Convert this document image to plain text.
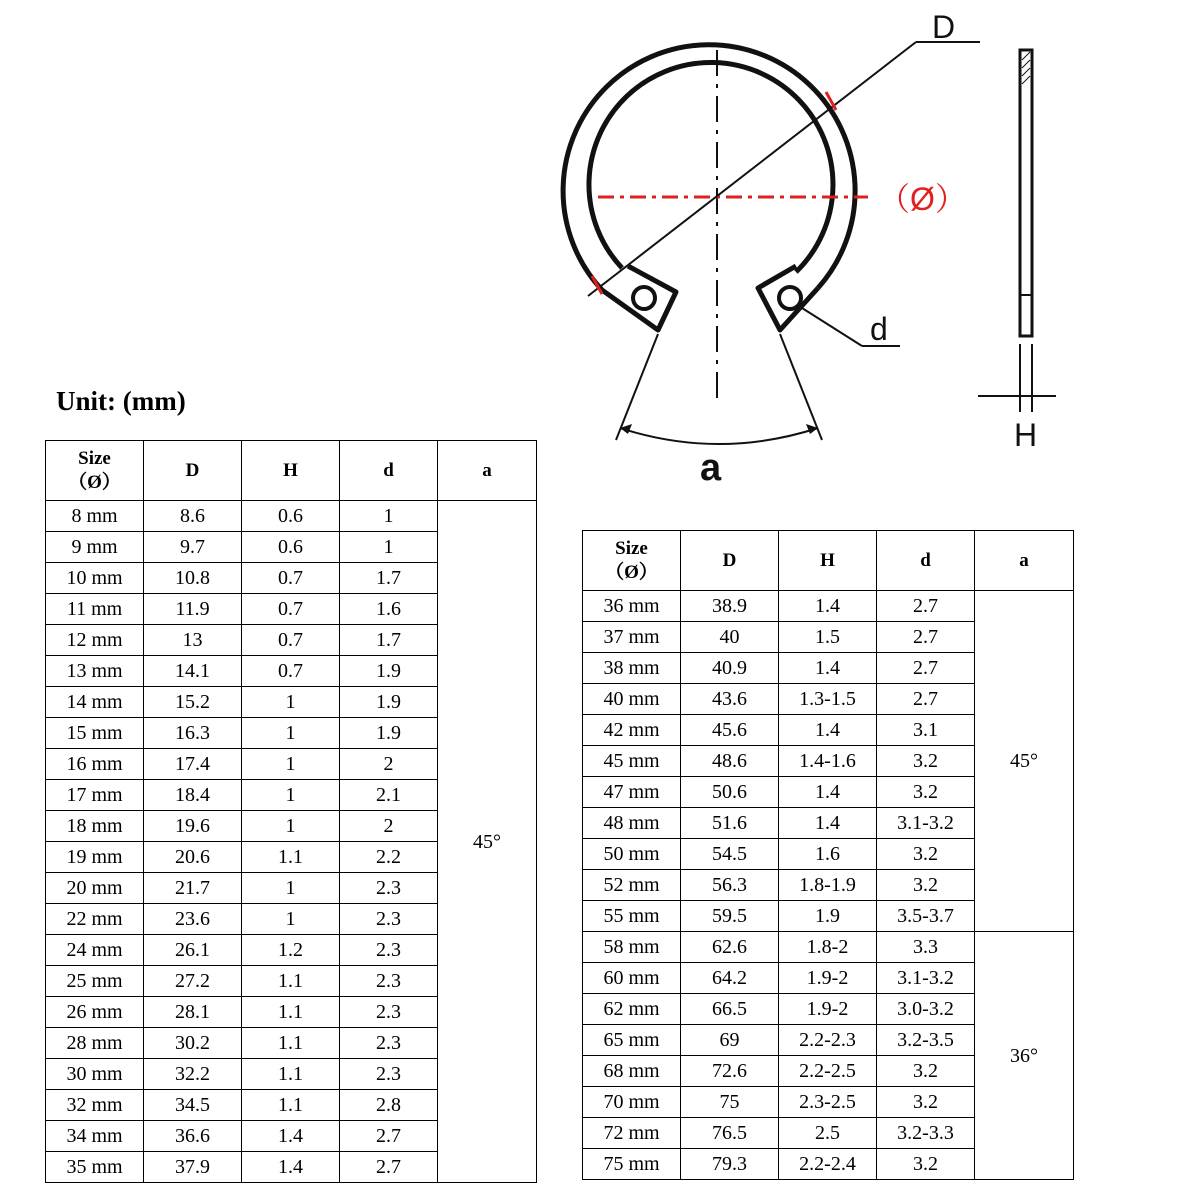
D
（Ø）
d
a
H
Unit: (mm)
Size
（Ø）	D	H	d	a
8 mm	8.6	0.6	1	45°
9 mm	9.7	0.6	1	
10 mm	10.8	0.7	1.7	
11 mm	11.9	0.7	1.6	
12 mm	13	0.7	1.7	
13 mm	14.1	0.7	1.9	
14 mm	15.2	1	1.9	
15 mm	16.3	1	1.9	
16 mm	17.4	1	2	
17 mm	18.4	1	2.1	
18 mm	19.6	1	2	
19 mm	20.6	1.1	2.2	
20 mm	21.7	1	2.3	
22 mm	23.6	1	2.3	
24 mm	26.1	1.2	2.3	
25 mm	27.2	1.1	2.3	
26 mm	28.1	1.1	2.3	
28 mm	30.2	1.1	2.3	
30 mm	32.2	1.1	2.3	
32 mm	34.5	1.1	2.8	
34 mm	36.6	1.4	2.7	
35 mm	37.9	1.4	2.7	
Size
（Ø）	D	H	d	a
36 mm	38.9	1.4	2.7	45°
37 mm	40	1.5	2.7	
38 mm	40.9	1.4	2.7	
40 mm	43.6	1.3-1.5	2.7	
42 mm	45.6	1.4	3.1	
45 mm	48.6	1.4-1.6	3.2	
47 mm	50.6	1.4	3.2	
48 mm	51.6	1.4	3.1-3.2	
50 mm	54.5	1.6	3.2	
52 mm	56.3	1.8-1.9	3.2	
55 mm	59.5	1.9	3.5-3.7	
58 mm	62.6	1.8-2	3.3	36°
60 mm	64.2	1.9-2	3.1-3.2	
62 mm	66.5	1.9-2	3.0-3.2	
65 mm	69	2.2-2.3	3.2-3.5	
68 mm	72.6	2.2-2.5	3.2	
70 mm	75	2.3-2.5	3.2	
72 mm	76.5	2.5	3.2-3.3	
75 mm	79.3	2.2-2.4	3.2	
